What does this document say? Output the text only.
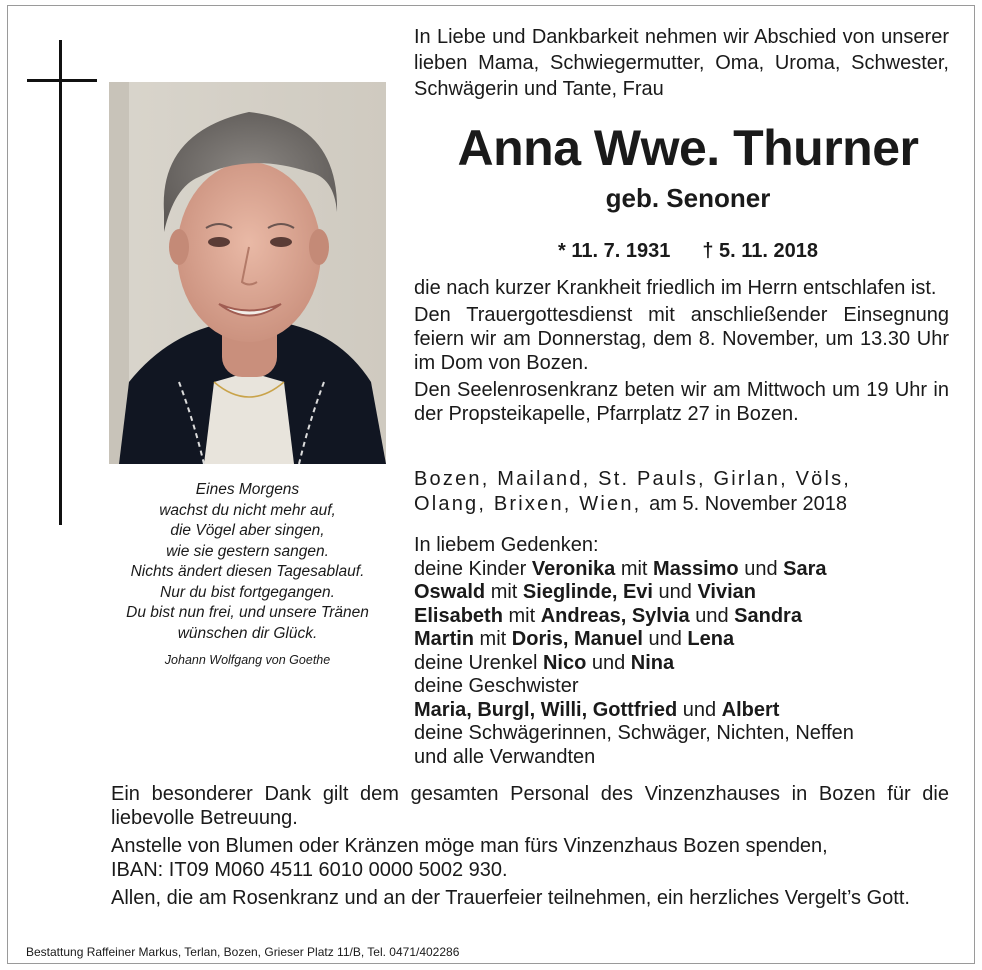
Eines Morgens
wachst du nicht mehr auf,
die Vögel aber singen,
wie sie gestern sangen.
Nichts ändert diesen Tagesablauf.
Nur du bist fortgegangen.
Du bist nun frei, und unsere Tränen
wünschen dir Glück.
Johann Wolfgang von Goethe
In Liebe und Dankbarkeit nehmen wir Abschied von unserer lieben Mama, Schwiegermutter, Oma, Uroma, Schwester, Schwägerin und Tante, Frau
Anna Wwe. Thurner
geb. Senoner
* 11. 7. 1931 † 5. 11. 2018

die nach kurzer Krankheit friedlich im Herrn entschlafen ist.

Den Trauergottesdienst mit anschließender Einsegnung feiern wir am Donnerstag, dem 8. November, um 13.30 Uhr im Dom von Bozen.

Den Seelenrosenkranz beten wir am Mittwoch um 19 Uhr in der Propsteikapelle, Pfarrplatz 27 in Bozen.

Bozen, Mailand, St. Pauls, Girlan, Völs,

Olang, Brixen, Wien, am 5. November 2018

In liebem Gedenken:

deine Kinder Veronika mit Massimo und Sara

Oswald mit Sieglinde, Evi und Vivian

Elisabeth mit Andreas, Sylvia und Sandra

Martin mit Doris, Manuel und Lena

deine Urenkel Nico und Nina

deine Geschwister

Maria, Burgl, Willi, Gottfried und Albert

deine Schwägerinnen, Schwäger, Nichten, Neffen

und alle Verwandten

Ein besonderer Dank gilt dem gesamten Personal des Vinzenzhauses in Bozen für die liebevolle Betreuung.

Anstelle von Blumen oder Kränzen möge man fürs Vinzenzhaus Bozen spenden,
IBAN: IT09 M060 4511 6010 0000 5002 930.

Allen, die am Rosenkranz und an der Trauerfeier teilnehmen, ein herzliches Vergelt’s Gott.

Bestattung Raffeiner Markus, Terlan, Bozen, Grieser Platz 11/B, Tel. 0471/402286
